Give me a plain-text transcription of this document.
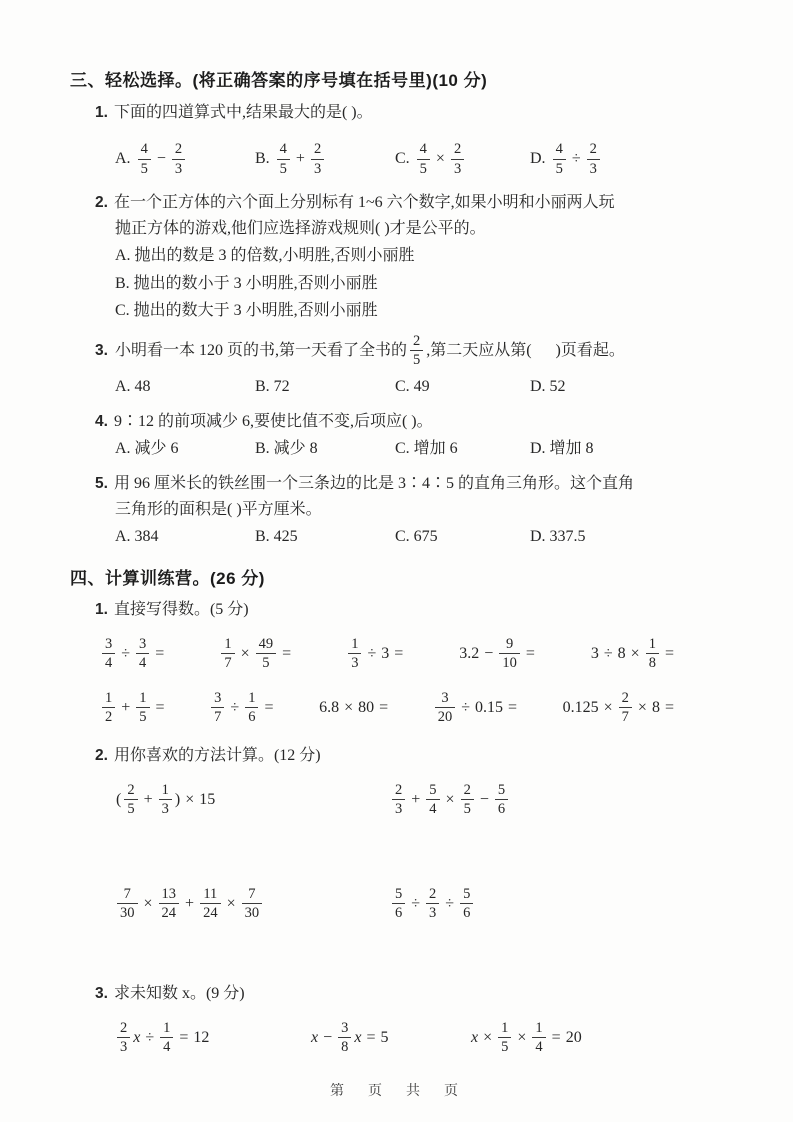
三、轻松选择。(将正确答案的序号填在括号里)(10 分)
1. 下面的四道算式中,结果最大的是( )。
A. $\frac{4}{5} - \frac{2}{3}$	B. $\frac{4}{5} + \frac{2}{3}$	C. $\frac{4}{5} \times \frac{2}{3}$	D. $\frac{4}{5} \div \frac{2}{3}$
2. 在一个正方体的六个面上分别标有 1~6 六个数字,如果小明和小丽两人玩
抛正方体的游戏,他们应选择游戏规则( )才是公平的。
A. 抛出的数是 3 的倍数,小明胜,否则小丽胜
B. 抛出的数小于 3 小明胜,否则小丽胜
C. 抛出的数大于 3 小明胜,否则小丽胜
3. 小明看一本 120 页的书,第一天看了全书的 $\frac{2}{5}$ ,第二天应从第(      )页看起。
A. 48	B. 72	C. 49	D. 52
4. 9∶12 的前项减少 6,要使比值不变,后项应( )。
A. 减少 6	B. 减少 8	C. 增加 6	D. 增加 8
5. 用 96 厘米长的铁丝围一个三条边的比是 3∶4∶5 的直角三角形。这个直角
三角形的面积是( )平方厘米。
A. 384	B. 425	C. 675	D. 337.5
四、计算训练营。(26 分)
1. 直接写得数。(5 分)
$\frac{3}{4} \div \frac{3}{4}$ =	$\frac{1}{7} \times \frac{49}{5}$ =	$\frac{1}{3} \div 3$ =	$3.2 - \frac{9}{10}$ =	$3 \div 8 \times \frac{1}{8}$ =
$\frac{1}{2} + \frac{1}{5}$ =	$\frac{3}{7} \div \frac{1}{6}$ =	6.8 × 80 =	$\frac{3}{20} \div 0.15$ =	$0.125 \times \frac{2}{7} \times 8$ =
2. 用你喜欢的方法计算。(12 分)
( $\frac{2}{5} + \frac{1}{3}$ ) × 15	$\frac{2}{3} + \frac{5}{4} \times \frac{2}{5} - \frac{5}{6}$
$\frac{7}{30} \times \frac{13}{24} + \frac{11}{24} \times \frac{7}{30}$	$\frac{5}{6} \div \frac{2}{3} \div \frac{5}{6}$
3. 求未知数 x。(9 分)
$\frac{2}{3}$ $x \div \frac{1}{4} = 12$	$x - \frac{3}{8}$ x = 5	$x \times \frac{1}{5} \times \frac{1}{4} = 20$
第　页　共　页
